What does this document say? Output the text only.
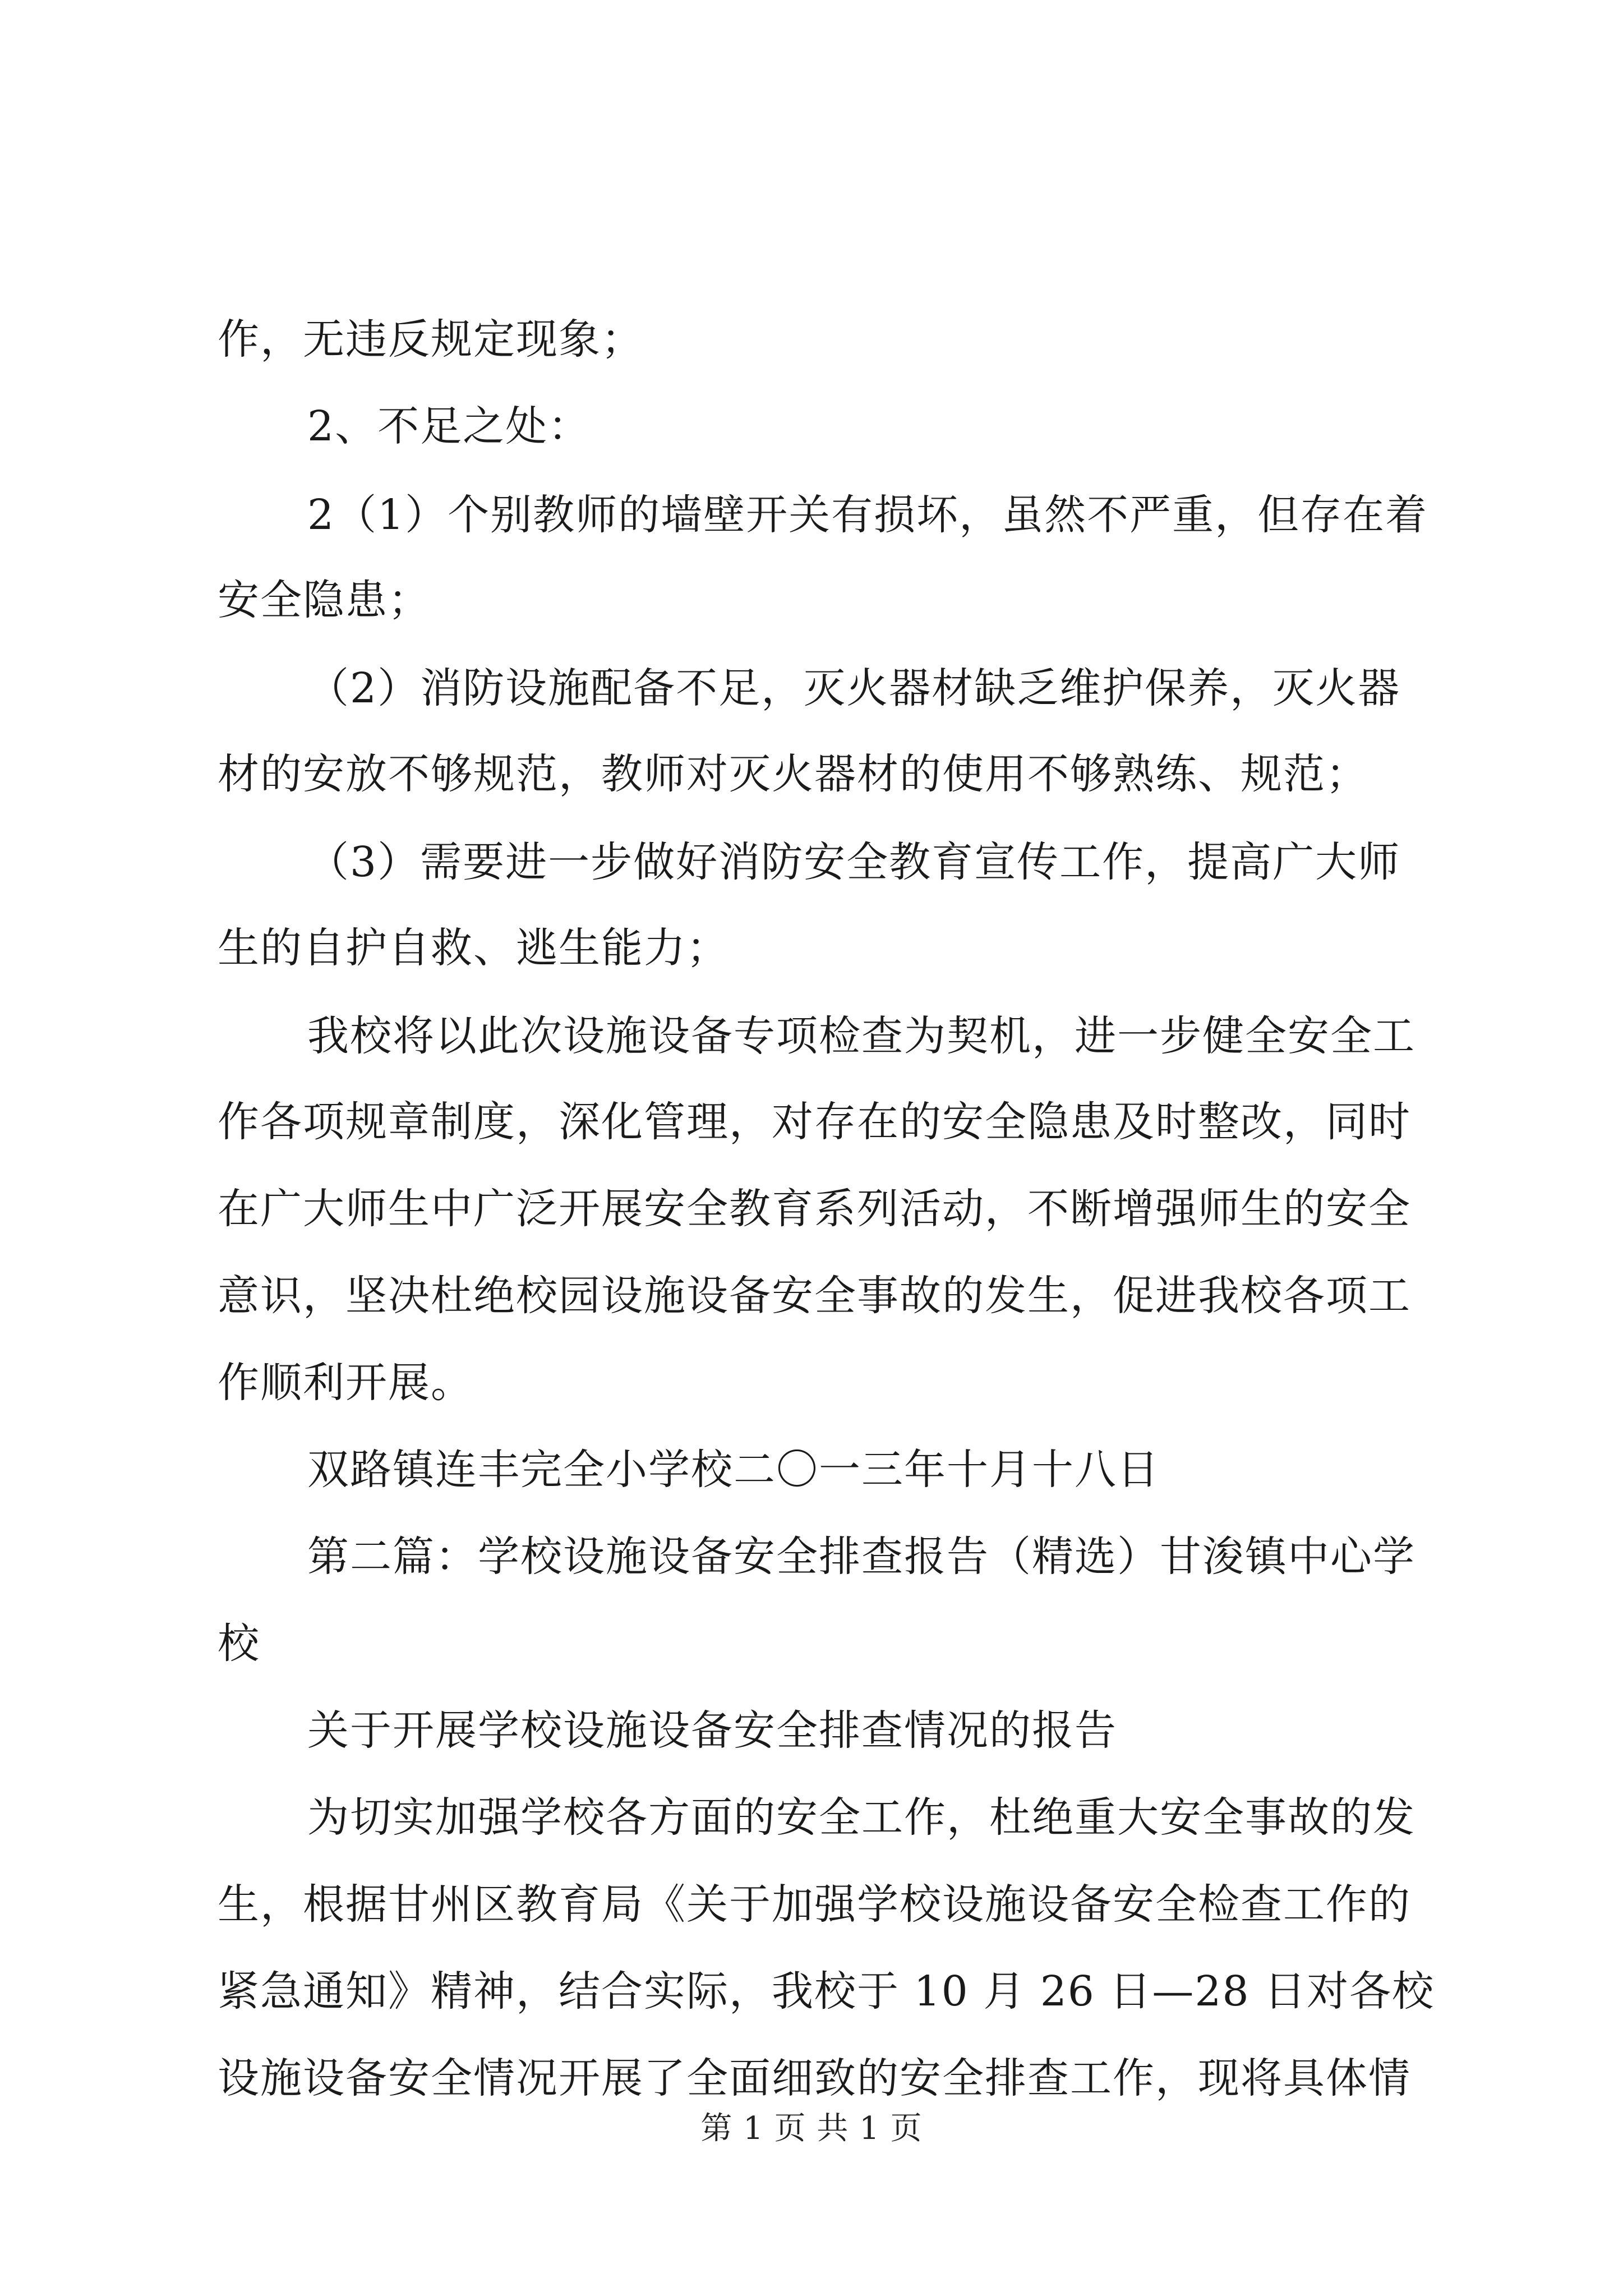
作，无违反规定现象；
2、不足之处：
2（1）个别教师的墙壁开关有损坏，虽然不严重，但存在着
安全隐患；
（2）消防设施配备不足，灭火器材缺乏维护保养，灭火器
材的安放不够规范，教师对灭火器材的使用不够熟练、规范；
（3）需要进一步做好消防安全教育宣传工作，提高广大师
生的自护自救、逃生能力；
我校将以此次设施设备专项检查为契机，进一步健全安全工
作各项规章制度，深化管理，对存在的安全隐患及时整改，同时
在广大师生中广泛开展安全教育系列活动，不断增强师生的安全
意识，坚决杜绝校园设施设备安全事故的发生，促进我校各项工
作顺利开展。
双路镇连丰完全小学校二〇一三年十月十八日
第二篇：学校设施设备安全排查报告（精选）甘浚镇中心学
校
关于开展学校设施设备安全排查情况的报告
为切实加强学校各方面的安全工作，杜绝重大安全事故的发
生，根据甘州区教育局《关于加强学校设施设备安全检查工作的
紧急通知》精神，结合实际，我校于 10 月 26 日—28 日对各校
设施设备安全情况开展了全面细致的安全排查工作，现将具体情
第 1 页 共 1 页
